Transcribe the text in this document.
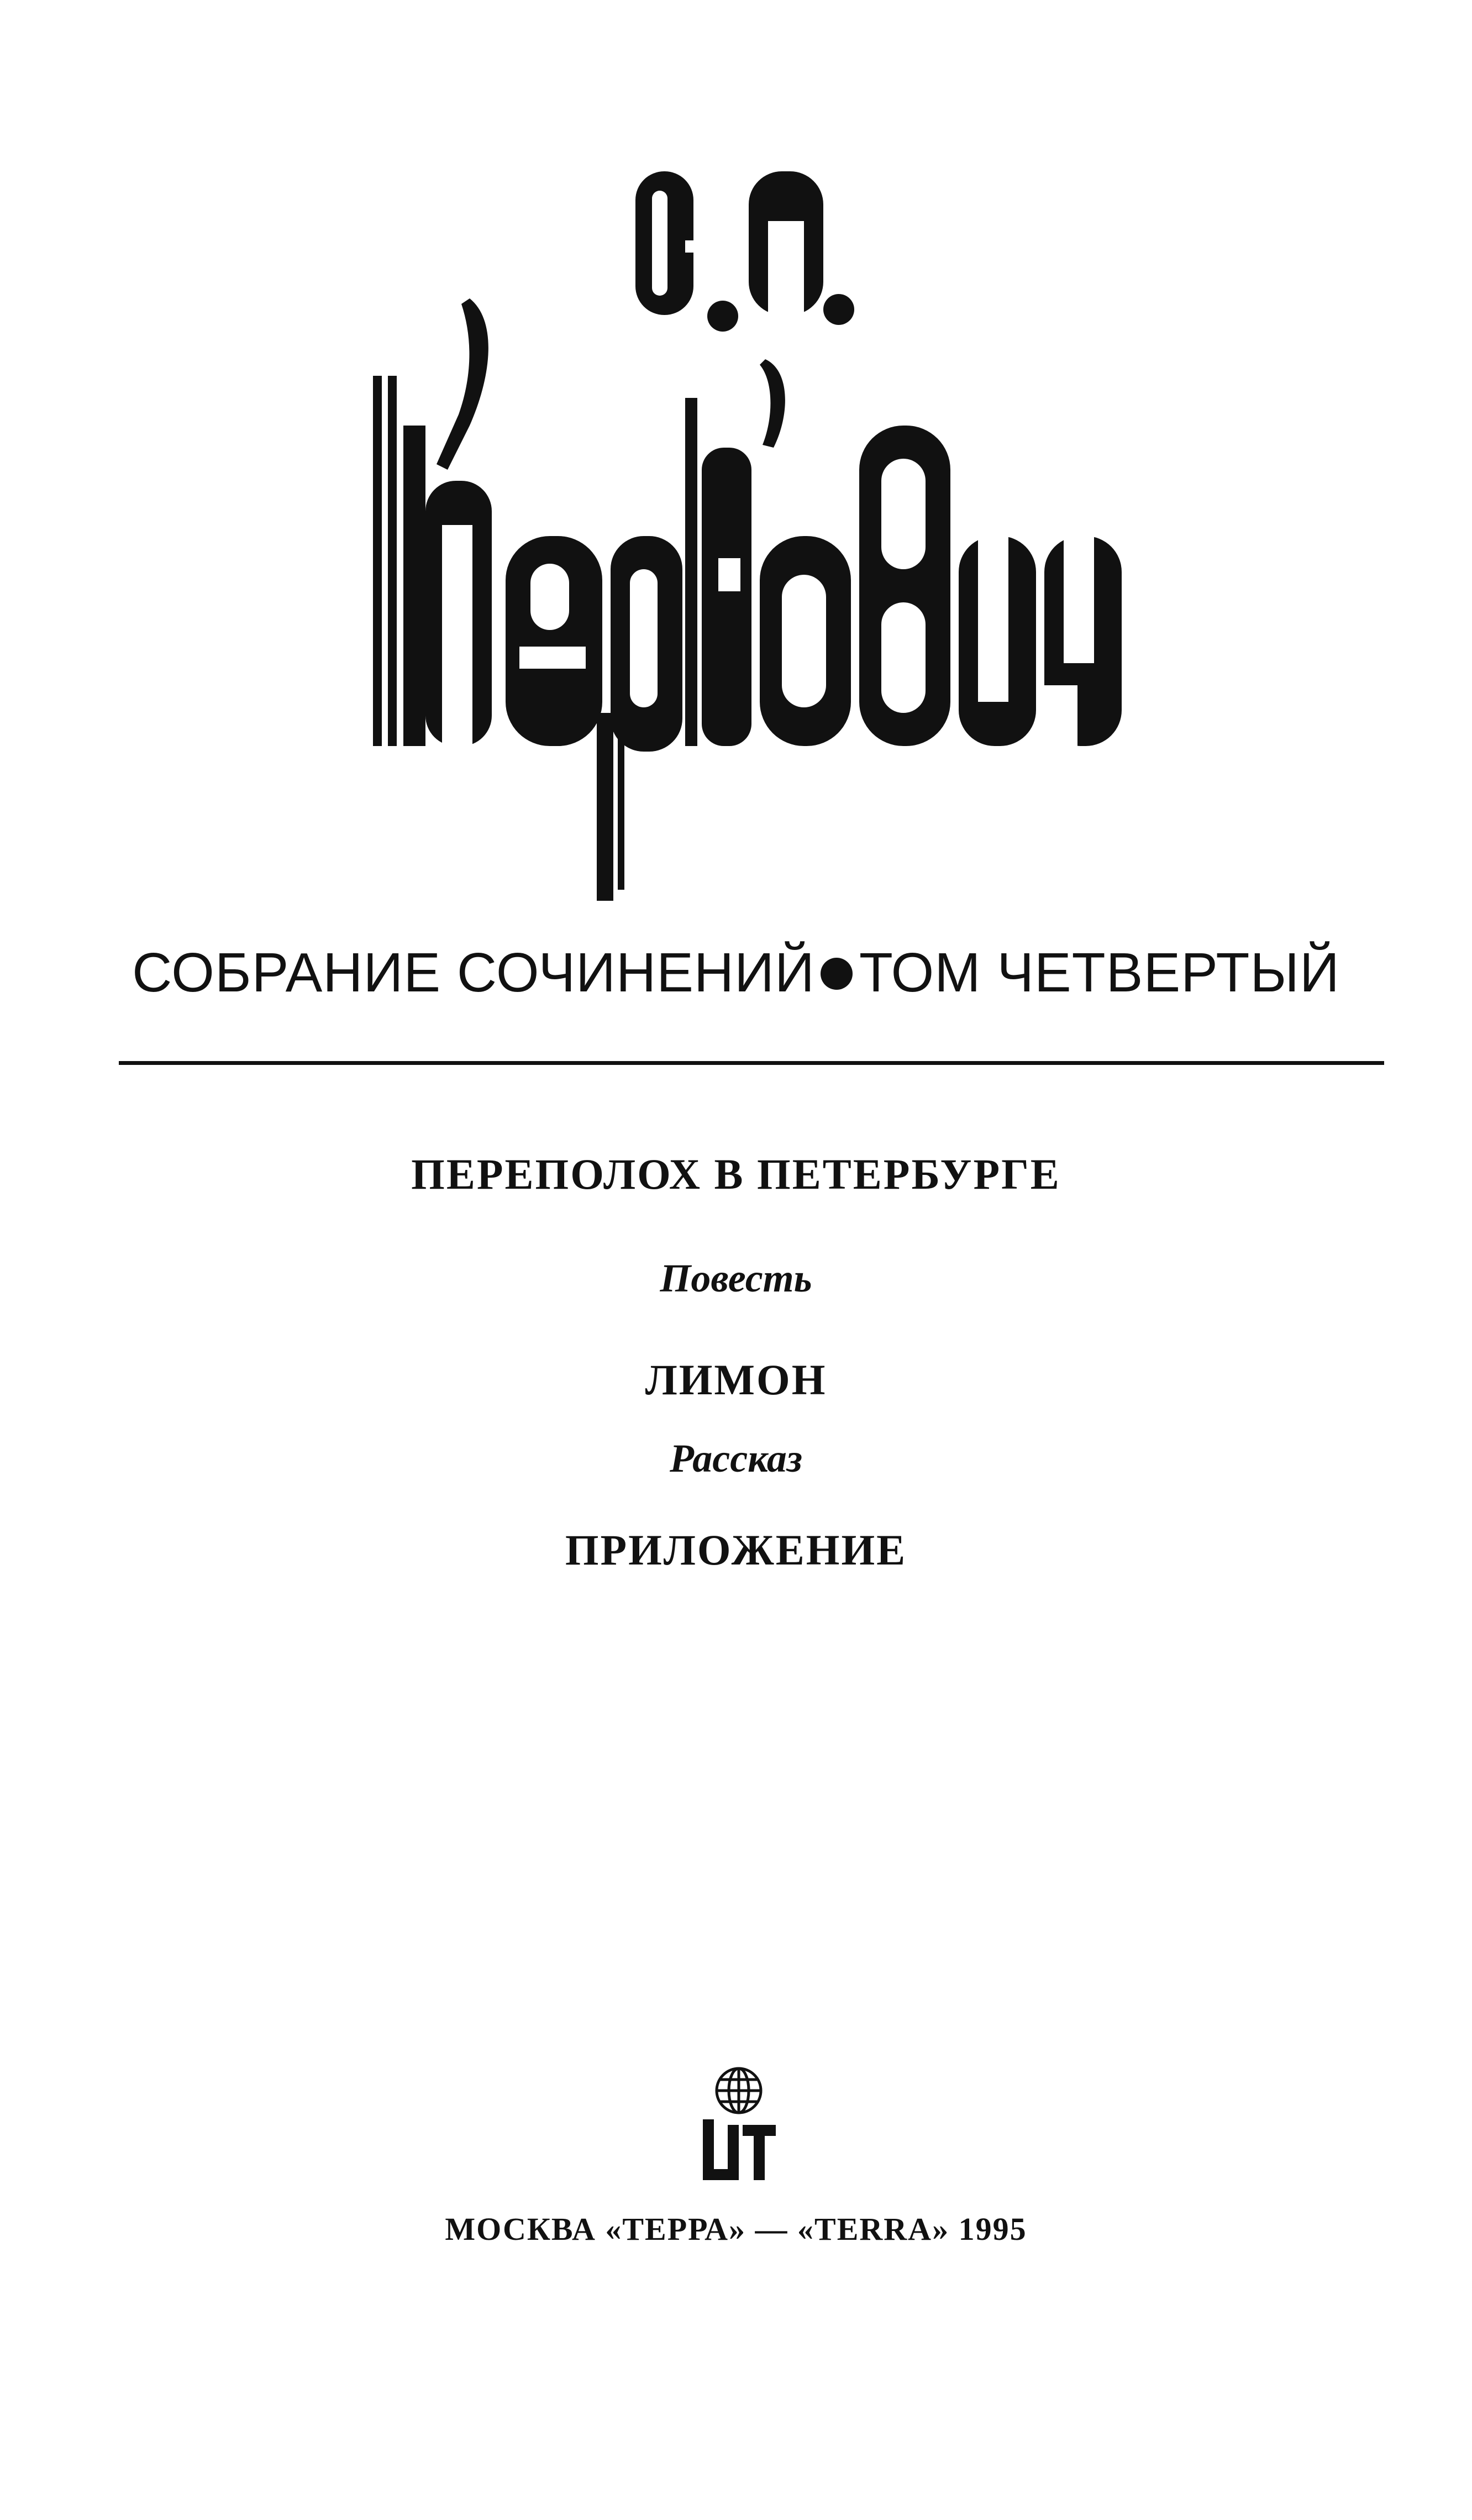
СОБРАНИЕ СОЧИНЕНИЙ ТОМ ЧЕТВЕРТЫЙ
ПЕРЕПОЛОХ В ПЕТЕРБУРГЕ
Повесть
ЛИМОН
Рассказ
ПРИЛОЖЕНИЕ
МОСКВА «ТЕРРА» — «TERRA» 1995
